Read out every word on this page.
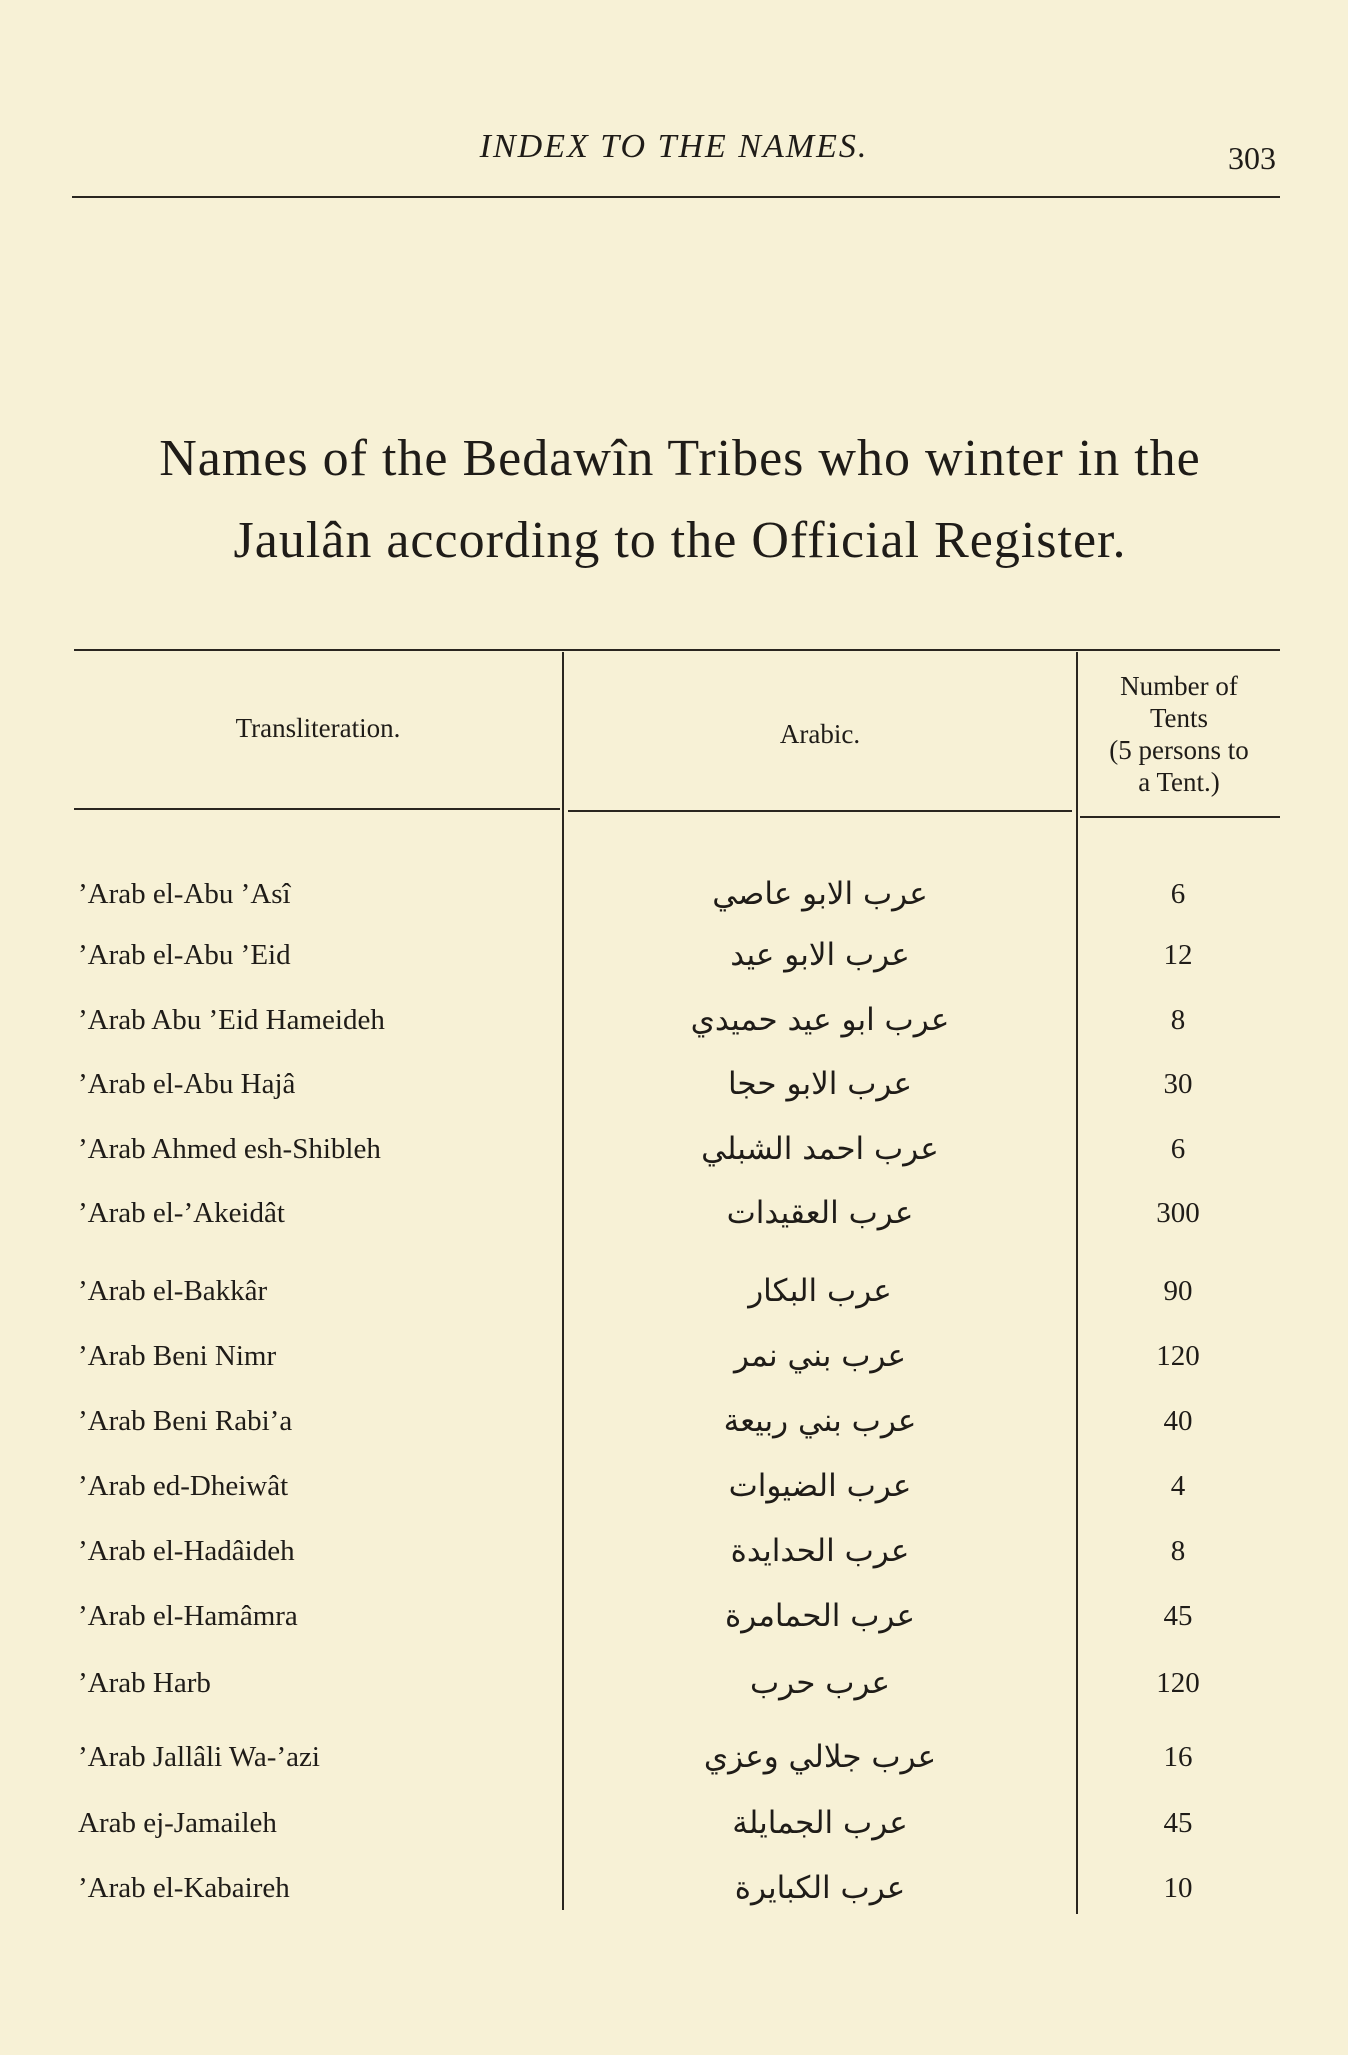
INDEX TO THE NAMES.	303
Names of the Bedawîn Tribes who winter in the
Jaulân according to the Official Register.
Transliteration.	Arabic.
Number of
Tents
(5 persons to
a Tent.)
’Arab el-Abu ’Asî	عرب الابو عاصي	6
’Arab el-Abu ’Eid	عرب الابو عيد	12
’Arab Abu ’Eid Hameideh	عرب ابو عيد حميدي	8
’Arab el-Abu Hajâ	عرب الابو حجا	30
’Arab Ahmed esh-Shibleh	عرب احمد الشبلي	6
’Arab el-’Akeidât	عرب العقيدات	300
’Arab el-Bakkâr	عرب البكار	90
’Arab Beni Nimr	عرب بني نمر	120
’Arab Beni Rabi’a	عرب بني ربيعة	40
’Arab ed-Dheiwât	عرب الضيوات	4
’Arab el-Hadâideh	عرب الحدايدة	8
’Arab el-Hamâmra	عرب الحمامرة	45
’Arab Harb	عرب حرب	120
’Arab Jallâli Wa-’azi	عرب جلالي وعزي	16
Arab ej-Jamaileh	عرب الجمايلة	45
’Arab el-Kabaireh	عرب الكبايرة	10
